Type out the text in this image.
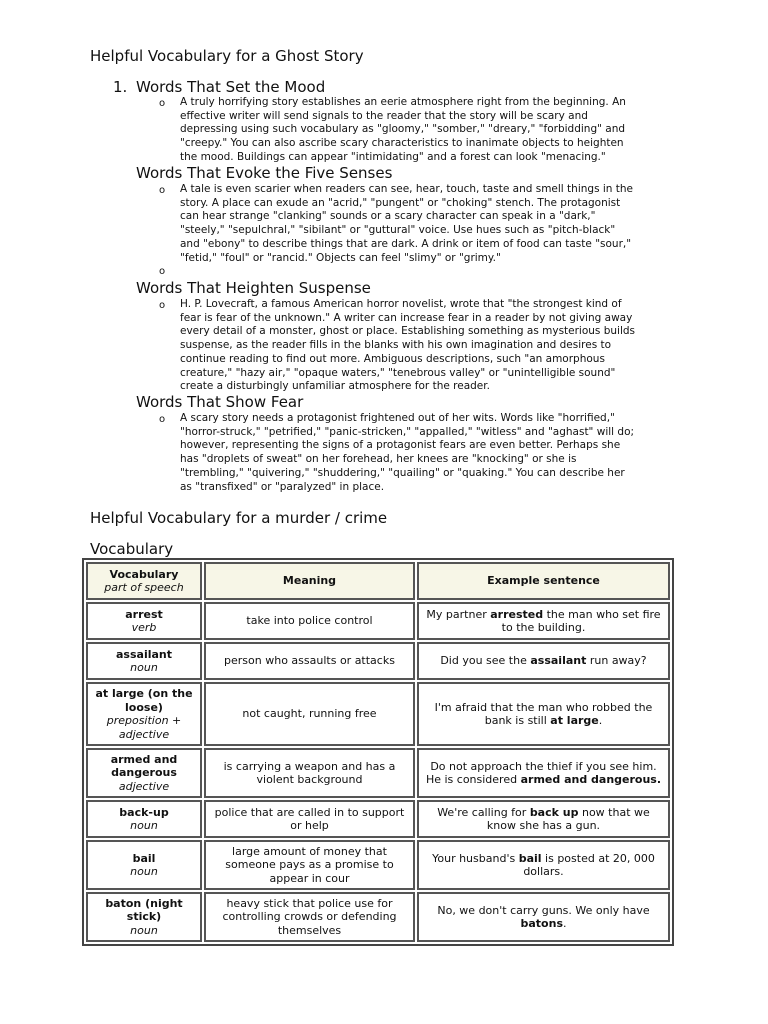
Helpful Vocabulary for a Ghost Story
1. Words That Set the Mood
o A truly horrifying story establishes an eerie atmosphere right from the beginning. An
effective writer will send signals to the reader that the story will be scary and
depressing using such vocabulary as "gloomy," "somber," "dreary," "forbidding" and
"creepy." You can also ascribe scary characteristics to inanimate objects to heighten
the mood. Buildings can appear "intimidating" and a forest can look "menacing."
Words That Evoke the Five Senses
o A tale is even scarier when readers can see, hear, touch, taste and smell things in the
story. A place can exude an "acrid," "pungent" or "choking" stench. The protagonist
can hear strange "clanking" sounds or a scary character can speak in a "dark,"
"steely," "sepulchral," "sibilant" or "guttural" voice. Use hues such as "pitch-black"
and "ebony" to describe things that are dark. A drink or item of food can taste "sour,"
"fetid," "foul" or "rancid." Objects can feel "slimy" or "grimy."
o
Words That Heighten Suspense
o H. P. Lovecraft, a famous American horror novelist, wrote that "the strongest kind of
fear is fear of the unknown." A writer can increase fear in a reader by not giving away
every detail of a monster, ghost or place. Establishing something as mysterious builds
suspense, as the reader fills in the blanks with his own imagination and desires to
continue reading to find out more. Ambiguous descriptions, such "an amorphous
creature," "hazy air," "opaque waters," "tenebrous valley" or "unintelligible sound"
create a disturbingly unfamiliar atmosphere for the reader.
Words That Show Fear
o A scary story needs a protagonist frightened out of her wits. Words like "horrified,"
"horror-struck," "petrified," "panic-stricken," "appalled," "witless" and "aghast" will do;
however, representing the signs of a protagonist fears are even better. Perhaps she
has "droplets of sweat" on her forehead, her knees are "knocking" or she is
"trembling," "quivering," "shuddering," "quailing" or "quaking." You can describe her
as "transfixed" or "paralyzed" in place.
Helpful Vocabulary for a murder / crime
Vocabulary
Vocabulary
part of speech	Meaning	Example sentence

arrest
verb	take into police control	My partner arrested the man who set fire to the building.

assailant
noun	person who assaults or attacks	Did you see the assailant run away?

at large (on the loose)
preposition + adjective	not caught, running free	I'm afraid that the man who robbed the bank is still at large.

armed and dangerous
adjective	is carrying a weapon and has a violent background	Do not approach the thief if you see him. He is considered armed and dangerous.

back-up
noun	police that are called in to support or help	We're calling for back up now that we know she has a gun.

bail
noun	large amount of money that someone pays as a promise to appear in cour	Your husband's bail is posted at 20, 000 dollars.

baton (night stick)
noun	heavy stick that police use for controlling crowds or defending themselves	No, we don't carry guns. We only have batons.
